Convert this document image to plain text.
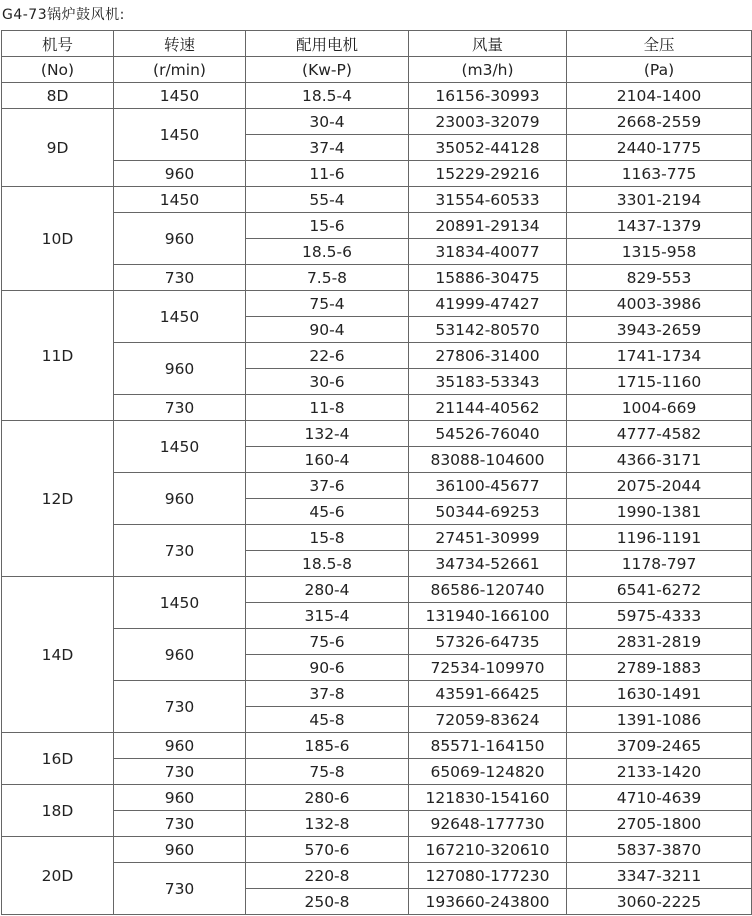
G4-73锅炉鼓风机:
机号	转速	配用电机	风量	全压
(No)	(r/min)	(Kw-P)	(m3/h)	(Pa)
8D	1450	18.5-4	16156-30993	2104-1400
9D	1450	30-4	23003-32079	2668-2559
		37-4	35052-44128	2440-1775
	960	11-6	15229-29216	1163-775
10D	1450	55-4	31554-60533	3301-2194
	960	15-6	20891-29134	1437-1379
		18.5-6	31834-40077	1315-958
	730	7.5-8	15886-30475	829-553
11D	1450	75-4	41999-47427	4003-3986
		90-4	53142-80570	3943-2659
	960	22-6	27806-31400	1741-1734
		30-6	35183-53343	1715-1160
	730	11-8	21144-40562	1004-669
12D	1450	132-4	54526-76040	4777-4582
		160-4	83088-104600	4366-3171
	960	37-6	36100-45677	2075-2044
		45-6	50344-69253	1990-1381
	730	15-8	27451-30999	1196-1191
		18.5-8	34734-52661	1178-797
14D	1450	280-4	86586-120740	6541-6272
		315-4	131940-166100	5975-4333
	960	75-6	57326-64735	2831-2819
		90-6	72534-109970	2789-1883
	730	37-8	43591-66425	1630-1491
		45-8	72059-83624	1391-1086
16D	960	185-6	85571-164150	3709-2465
	730	75-8	65069-124820	2133-1420
18D	960	280-6	121830-154160	4710-4639
	730	132-8	92648-177730	2705-1800
20D	960	570-6	167210-320610	5837-3870
	730	220-8	127080-177230	3347-3211
		250-8	193660-243800	3060-2225
